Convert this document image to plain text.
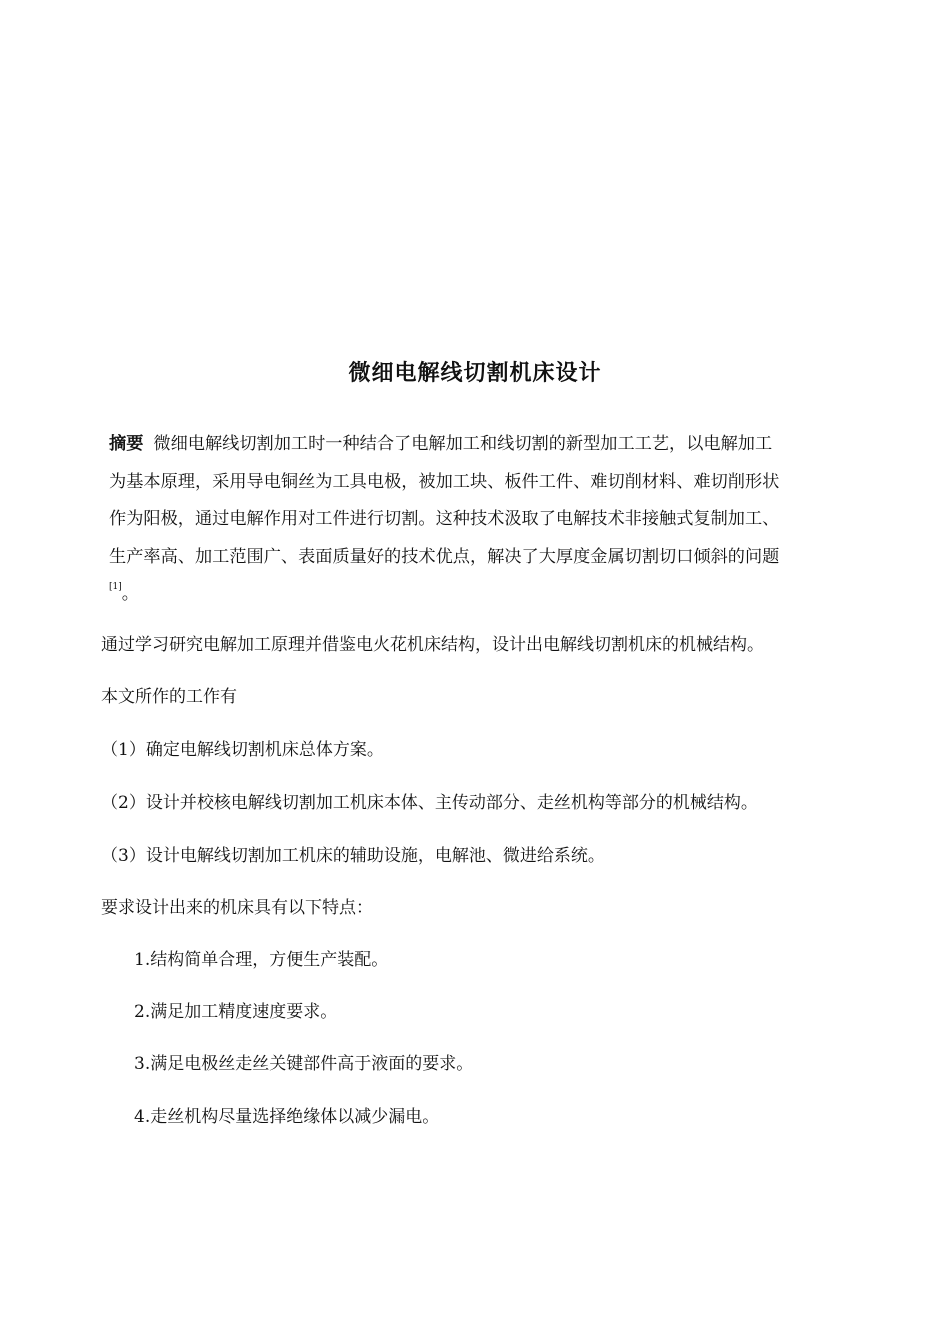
微细电解线切割机床设计
摘要 微细电解线切割加工时一种结合了电解加工和线切割的新型加工工艺，以电解加工
为基本原理，采用导电铜丝为工具电极，被加工块、板件工件、难切削材料、难切削形状
作为阳极，通过电解作用对工件进行切割。这种技术汲取了电解技术非接触式复制加工、
生产率高、加工范围广、表面质量好的技术优点，解决了大厚度金属切割切口倾斜的问题
[1]。
通过学习研究电解加工原理并借鉴电火花机床结构，设计出电解线切割机床的机械结构。
本文所作的工作有
（1）确定电解线切割机床总体方案。
（2）设计并校核电解线切割加工机床本体、主传动部分、走丝机构等部分的机械结构。
（3）设计电解线切割加工机床的辅助设施，电解池、微进给系统。
要求设计出来的机床具有以下特点：
1.结构简单合理，方便生产装配。
2.满足加工精度速度要求。
3.满足电极丝走丝关键部件高于液面的要求。
4.走丝机构尽量选择绝缘体以减少漏电。
